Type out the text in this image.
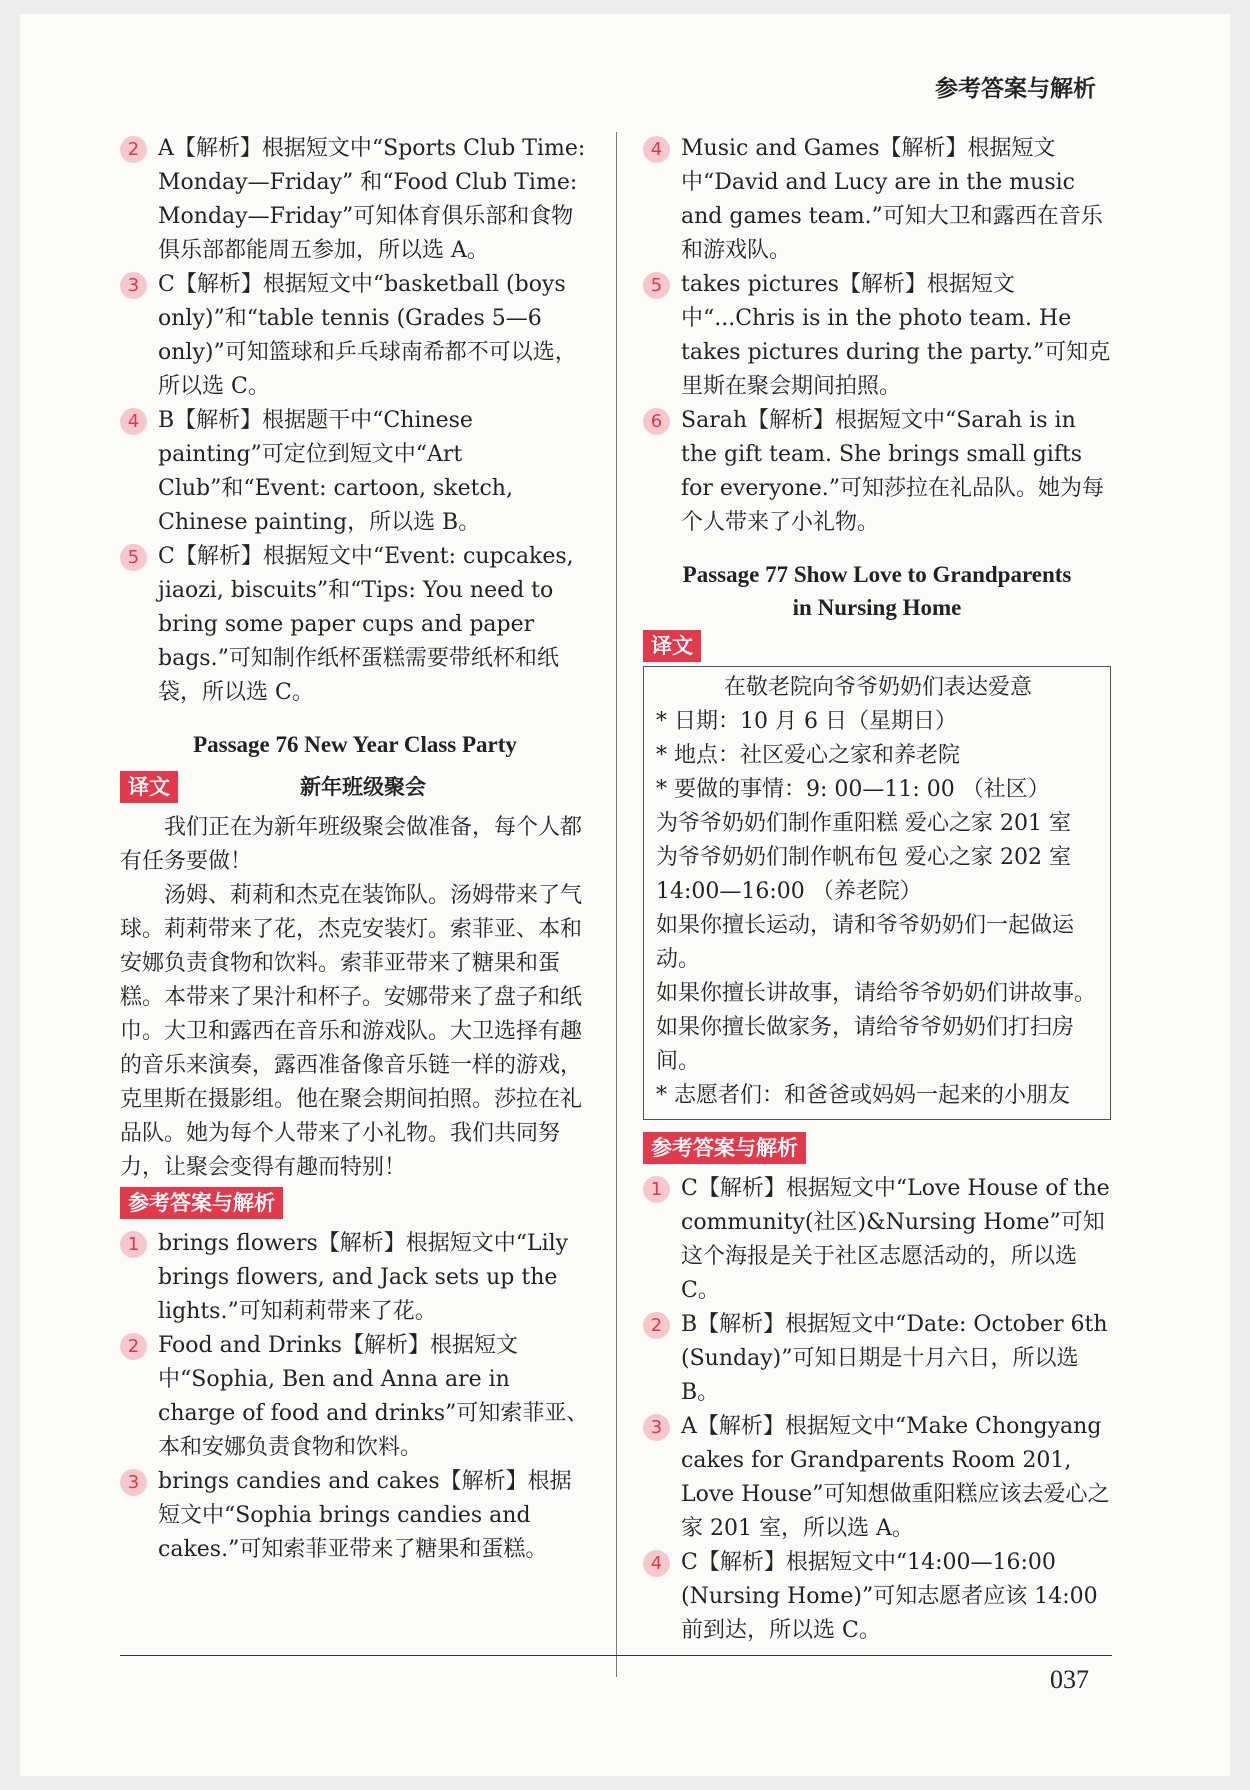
参考答案与解析
2 A【解析】根据短文中“Sports Club Time: Monday—Friday” 和“Food Club Time: Monday—Friday”可知体育俱乐部和食物俱乐部都能周五参加，所以选 A。
3 C【解析】根据短文中“basketball (boys only)”和“table tennis (Grades 5—6 only)”可知篮球和乒乓球南希都不可以选，所以选 C。
4 B【解析】根据题干中“Chinese painting”可定位到短文中“Art Club”和“Event: cartoon, sketch, Chinese painting，所以选 B。
5 C【解析】根据短文中“Event: cupcakes, jiaozi, biscuits”和“Tips: You need to bring some paper cups and paper bags.”可知制作纸杯蛋糕需要带纸杯和纸袋，所以选 C。
Passage 76 New Year Class Party
译文	新年班级聚会

我们正在为新年班级聚会做准备，每个人都有任务要做！

汤姆、莉莉和杰克在装饰队。汤姆带来了气球。莉莉带来了花，杰克安装灯。索菲亚、本和安娜负责食物和饮料。索菲亚带来了糖果和蛋糕。本带来了果汁和杯子。安娜带来了盘子和纸巾。大卫和露西在音乐和游戏队。大卫选择有趣的音乐来演奏，露西准备像音乐链一样的游戏，克里斯在摄影组。他在聚会期间拍照。莎拉在礼品队。她为每个人带来了小礼物。我们共同努力，让聚会变得有趣而特别！

参考答案与解析
1 brings flowers【解析】根据短文中“Lily brings flowers, and Jack sets up the lights.”可知莉莉带来了花。
2 Food and Drinks【解析】根据短文中“Sophia, Ben and Anna are in charge of food and drinks”可知索菲亚、本和安娜负责食物和饮料。
3 brings candies and cakes【解析】根据短文中“Sophia brings candies and cakes.”可知索菲亚带来了糖果和蛋糕。
4 Music and Games【解析】根据短文中“David and Lucy are in the music and games team.”可知大卫和露西在音乐和游戏队。
5 takes pictures【解析】根据短文中“...Chris is in the photo team. He takes pictures during the party.”可知克里斯在聚会期间拍照。
6 Sarah【解析】根据短文中“Sarah is in the gift team. She brings small gifts for everyone.”可知莎拉在礼品队。她为每个人带来了小礼物。
Passage 77 Show Love to Grandparents
in Nursing Home
译文
在敬老院向爷爷奶奶们表达爱意
* 日期：10 月 6 日（星期日）
* 地点：社区爱心之家和养老院
* 要做的事情：9: 00—11: 00 （社区）
为爷爷奶奶们制作重阳糕 爱心之家 201 室
为爷爷奶奶们制作帆布包 爱心之家 202 室
14:00—16:00 （养老院）
如果你擅长运动，请和爷爷奶奶们一起做运动。
如果你擅长讲故事，请给爷爷奶奶们讲故事。
如果你擅长做家务，请给爷爷奶奶们打扫房间。
* 志愿者们：和爸爸或妈妈一起来的小朋友
参考答案与解析
1 C【解析】根据短文中“Love House of the community(社区)&Nursing Home”可知这个海报是关于社区志愿活动的，所以选 C。
2 B【解析】根据短文中“Date: October 6th (Sunday)”可知日期是十月六日，所以选 B。
3 A【解析】根据短文中“Make Chongyang cakes for Grandparents Room 201, Love House”可知想做重阳糕应该去爱心之家 201 室，所以选 A。
4 C【解析】根据短文中“14:00—16:00 (Nursing Home)”可知志愿者应该 14:00 前到达，所以选 C。
037
